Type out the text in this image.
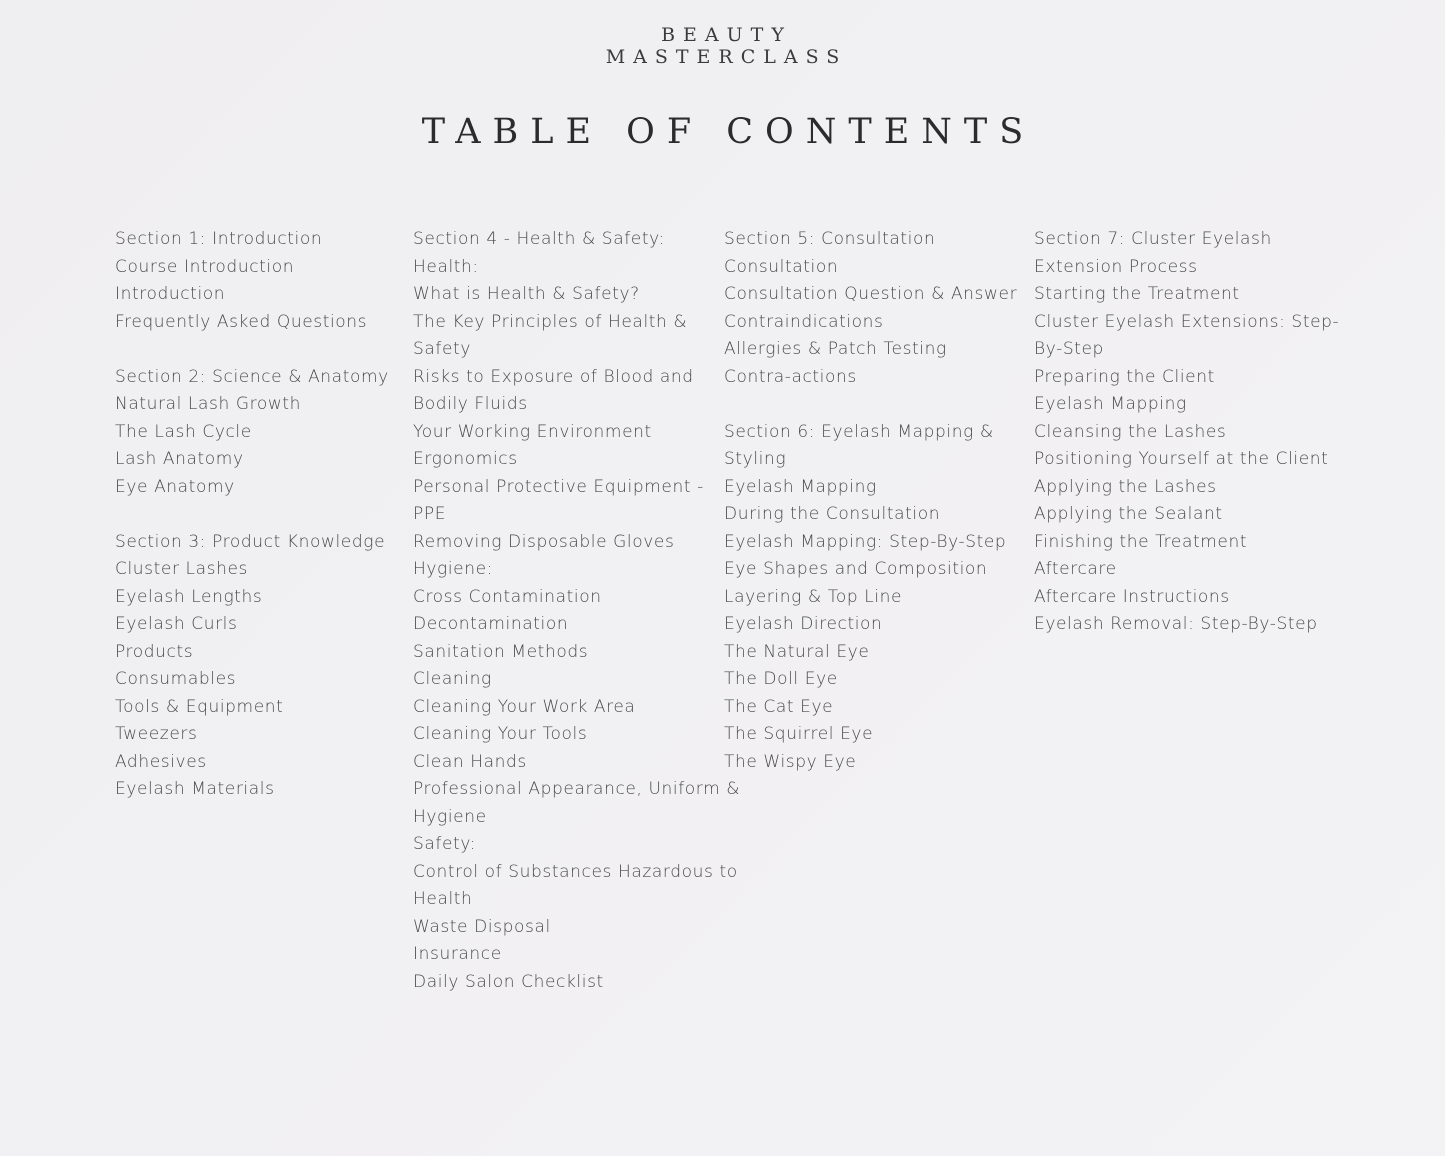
BEAUTY
MASTERCLASS
TABLE OF CONTENTS

Section 1: Introduction

Course Introduction

Introduction

Frequently Asked Questions

Section 2: Science & Anatomy

Natural Lash Growth

The Lash Cycle

Lash Anatomy

Eye Anatomy

Section 3: Product Knowledge

Cluster Lashes

Eyelash Lengths

Eyelash Curls

Products

Consumables

Tools & Equipment

Tweezers

Adhesives

Eyelash Materials

Section 4 - Health & Safety:

Health:

What is Health & Safety?

The Key Principles of Health &

Safety

Risks to Exposure of Blood and

Bodily Fluids

Your Working Environment

Ergonomics

Personal Protective Equipment -

PPE

Removing Disposable Gloves

Hygiene:

Cross Contamination

Decontamination

Sanitation Methods

Cleaning

Cleaning Your Work Area

Cleaning Your Tools

Clean Hands

Professional Appearance, Uniform &

Hygiene

Safety:

Control of Substances Hazardous to

Health

Waste Disposal

Insurance

Daily Salon Checklist

Section 5: Consultation

Consultation

Consultation Question & Answer

Contraindications

Allergies & Patch Testing

Contra-actions

Section 6: Eyelash Mapping &

Styling

Eyelash Mapping

During the Consultation

Eyelash Mapping: Step-By-Step

Eye Shapes and Composition

Layering & Top Line

Eyelash Direction

The Natural Eye

The Doll Eye

The Cat Eye

The Squirrel Eye

The Wispy Eye

Section 7: Cluster Eyelash

Extension Process

Starting the Treatment

Cluster Eyelash Extensions: Step-

By-Step

Preparing the Client

Eyelash Mapping

Cleansing the Lashes

Positioning Yourself at the Client

Applying the Lashes

Applying the Sealant

Finishing the Treatment

Aftercare

Aftercare Instructions

Eyelash Removal: Step-By-Step
